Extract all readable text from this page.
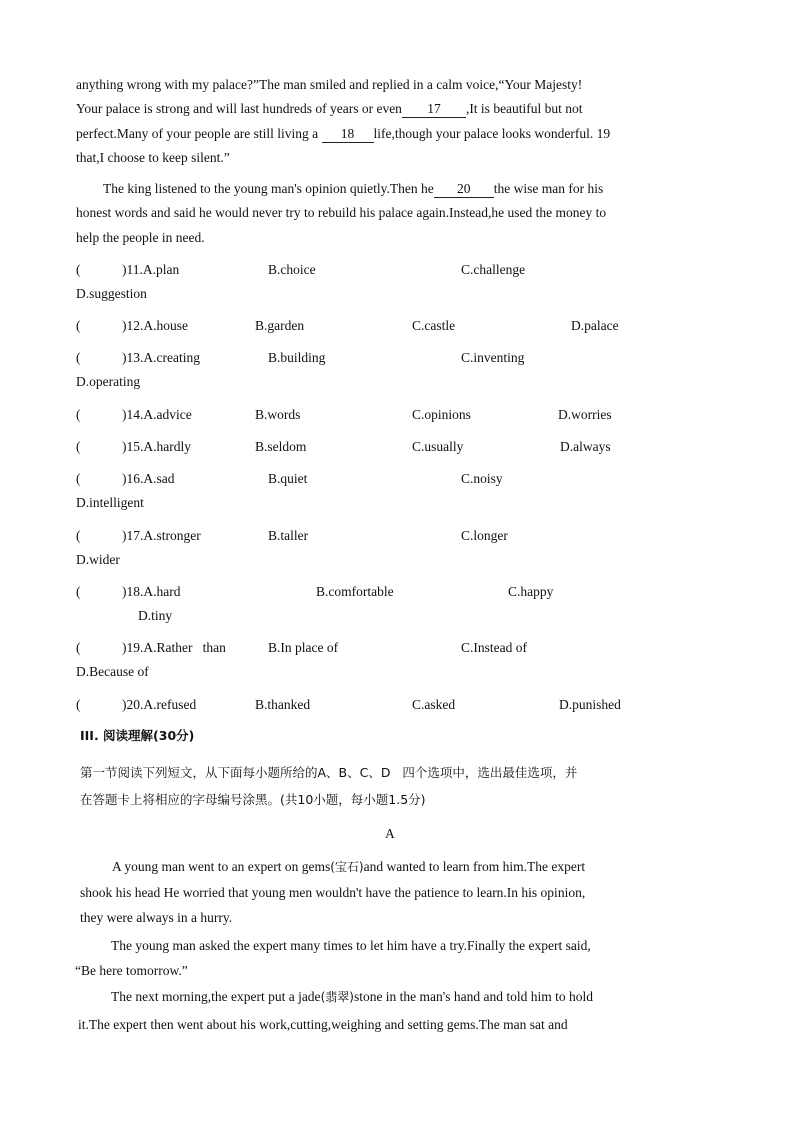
anything wrong with my palace?”The man smiled and replied in a calm voice,“Your Majesty!
Your palace is strong and will last hundreds of years or even 17 ,It is beautiful but not
perfect.Many of your people are still living a 18 life,though your palace looks wonderful. 19
that,I choose to keep silent.”
The king listened to the young man's opinion quietly.Then he 20 the wise man for his
honest words and said he would never try to rebuild his palace again.Instead,he used the money to
help the people in need.
(	)11.A.plan	B.choice	C.challenge
D.suggestion
(	)12.A.house	B.garden	C.castle	D.palace
(	)13.A.creating	B.building	C.inventing
D.operating
(	)14.A.advice	B.words	C.opinions	D.worries
(	)15.A.hardly	B.seldom	C.usually	D.always
(	)16.A.sad	B.quiet	C.noisy
D.intelligent
(	)17.A.stronger	B.taller	C.longer
D.wider
(	)18.A.hard	B.comfortable	C.happy
D.tiny
(	)19.A.Rather   than	B.In place of	C.Instead of
D.Because of
(	)20.A.refused	B.thanked	C.asked	D.punished
III. 阅读理解(30分)
第一节阅读下列短文，从下面每小题所给的A、B、C、D   四个选项中，选出最佳选项，并
在答题卡上将相应的字母编号涂黑。(共10小题，每小题1.5分)
A
A young man went to an expert on gems(宝石)and wanted to learn from him.The expert
shook his head He worried that young men wouldn't have the patience to learn.In his opinion,
they were always in a hurry.
The young man asked the expert many times to let him have a try.Finally the expert said,
“Be here tomorrow.”
The next morning,the expert put a jade(翡翠)stone in the man's hand and told him to hold
it.The expert then went about his work,cutting,weighing and setting gems.The man sat and
